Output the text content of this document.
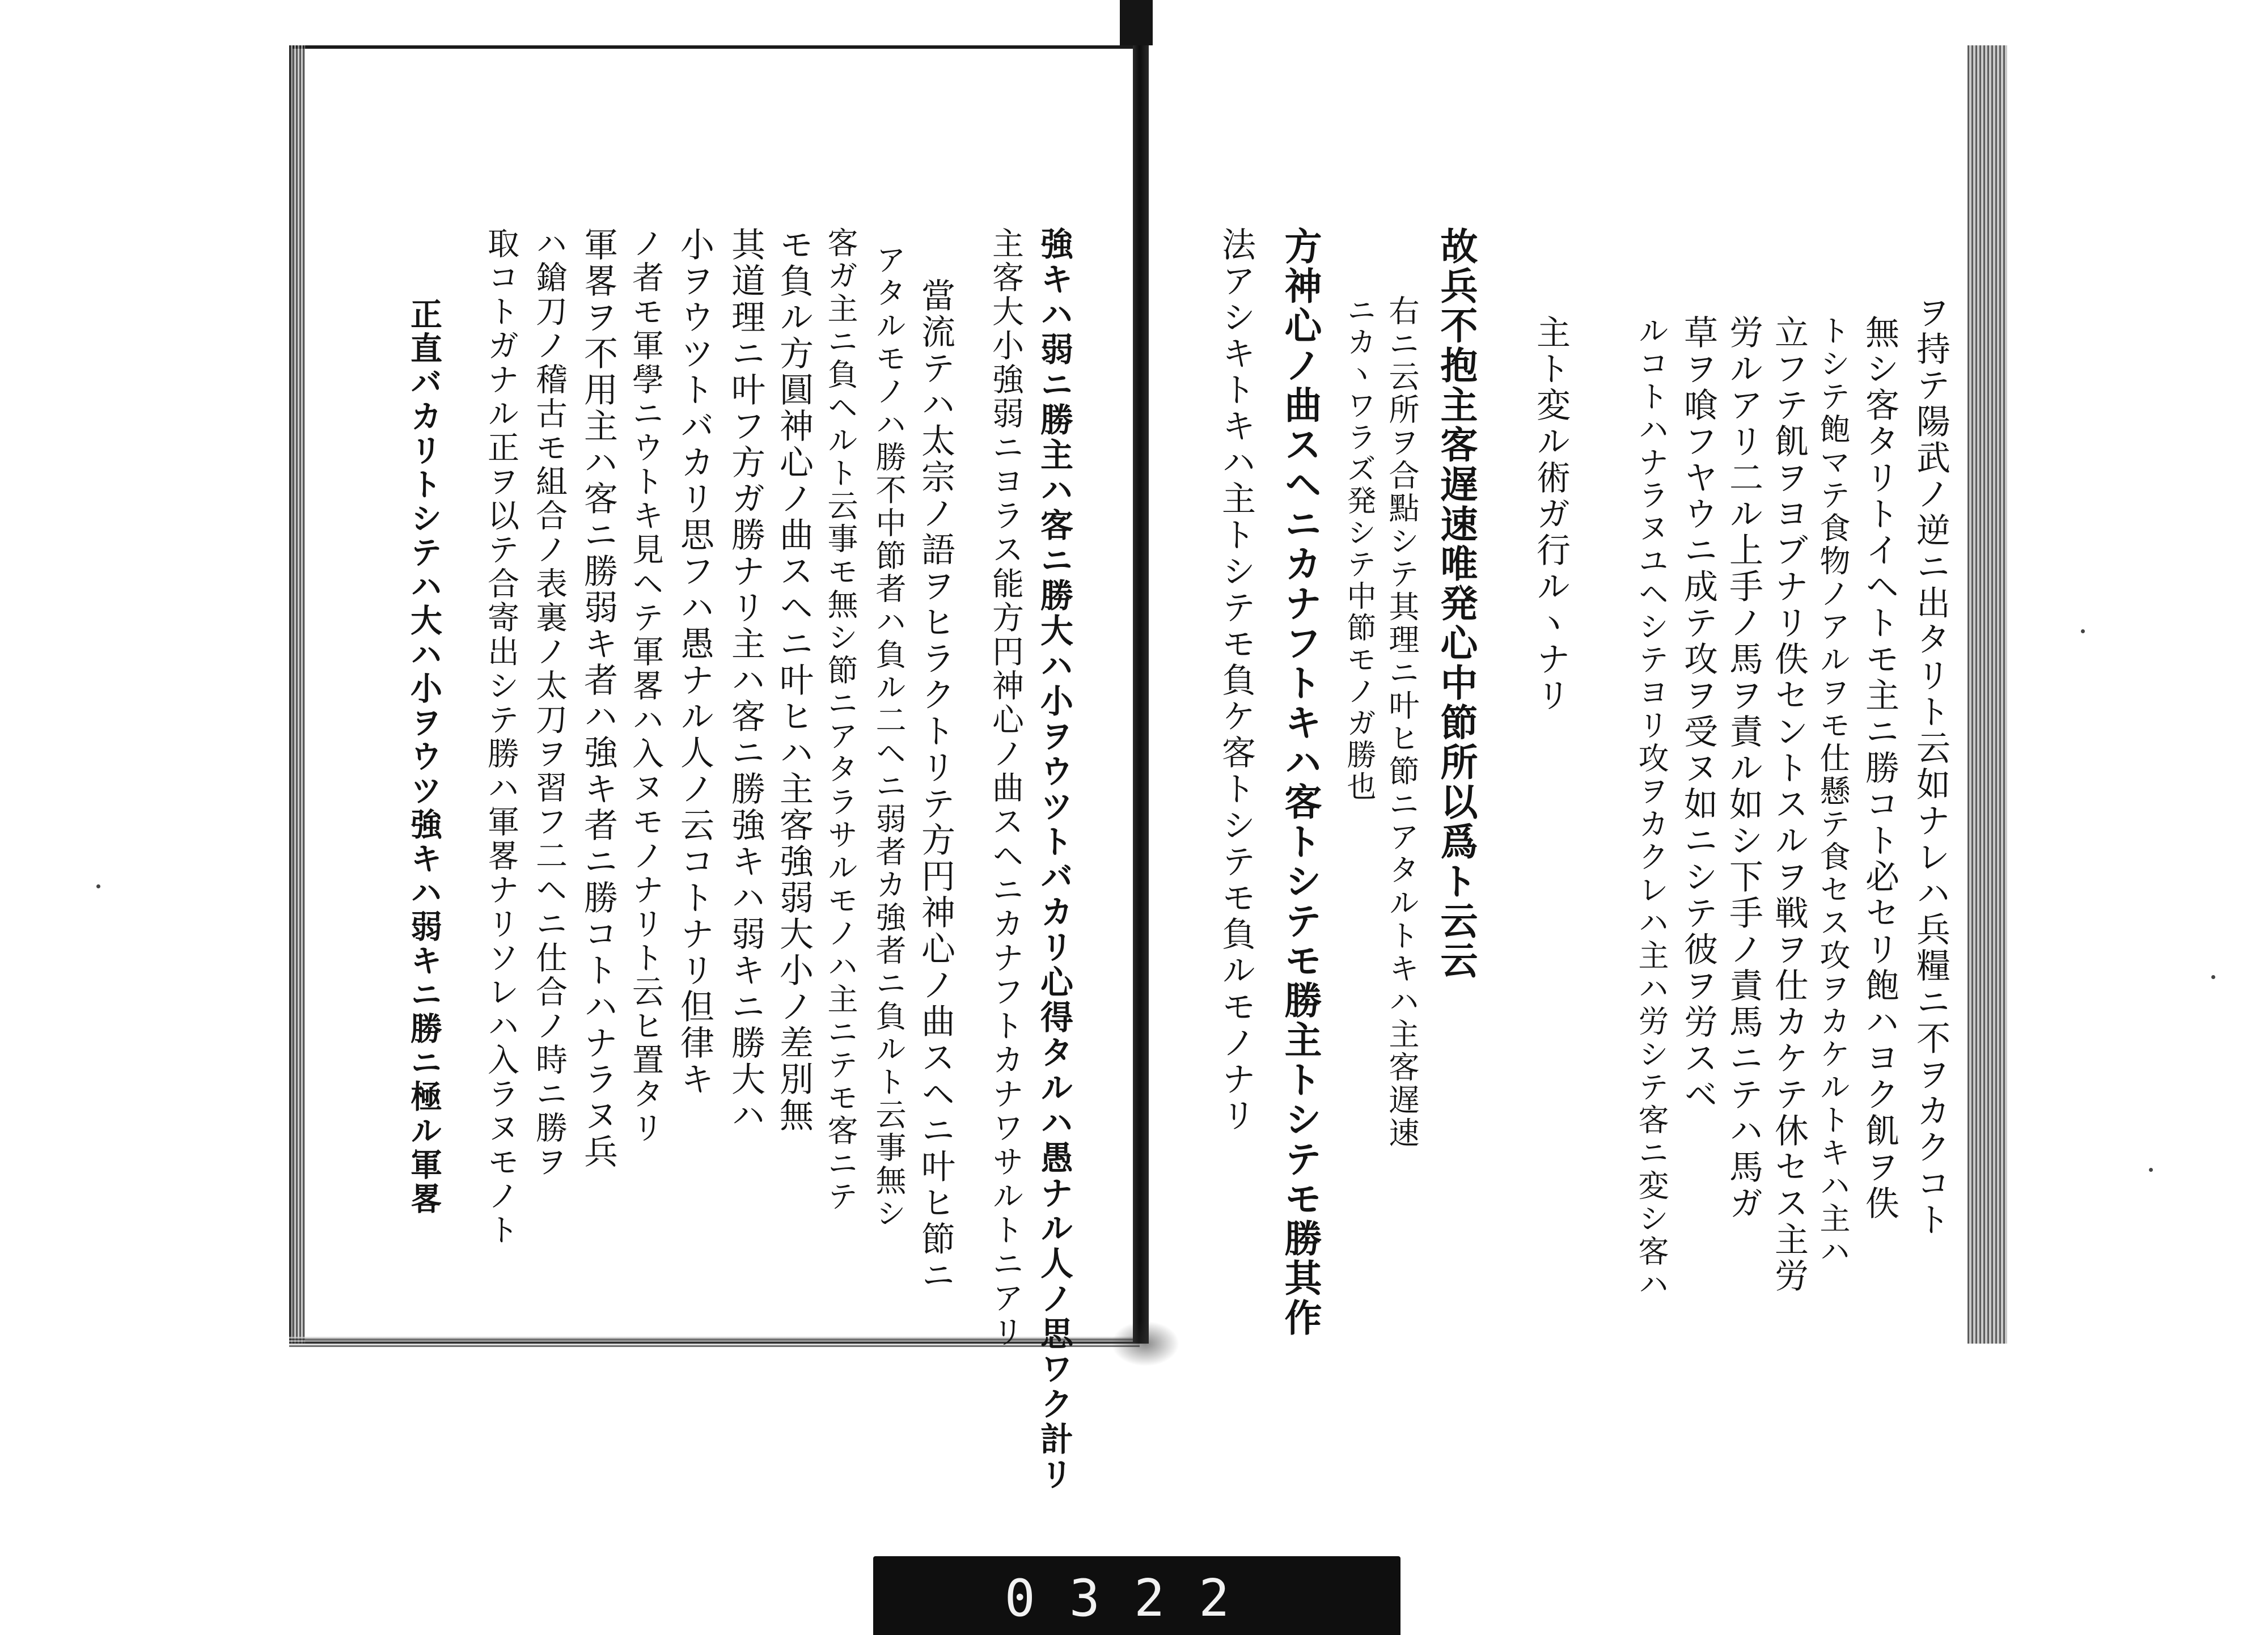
ヲ持テ陽武ノ逆ニ出タリト云如ナレハ兵糧ニ不ヲカクコト
無シ客タリトイヘトモ主ニ勝コト必セリ飽ハヨク飢ヲ佚
トシテ飽マテ食物ノアルヲモ仕懸テ食セス攻ヲカケルトキハ主ハ
立フテ飢ヲヨブナリ佚セントスルヲ戦ヲ仕カケテ休セス主労
労ルアリ二ル上手ノ馬ヲ責ル如シ下手ノ責馬ニテハ馬ガ
草ヲ喰フヤウニ成テ攻ヲ受ヌ如ニシテ彼ヲ労スベ
ルコトハナラヌユヘシテヨリ攻ヲカクレハ主ハ労シテ客ニ変シ客ハ
主ト変ル術ガ行ルヽナリ
故兵不抱主客遅速唯発心中節所以爲ト云云
右ニ云所ヲ合點シテ其理ニ叶ヒ節ニアタルトキハ主客遅速
ニカヽワラズ発シテ中節モノガ勝也
方神心ノ曲スヘニカナフトキハ客トシテモ勝主トシテモ勝其作
法アシキトキハ主トシテモ負ケ客トシテモ負ルモノナリ
強キハ弱ニ勝主ハ客ニ勝大ハ小ヲウツトバカリ心得タルハ愚ナル人ノ思ワク計リ
主客大小強弱ニヨラス能方円神心ノ曲スヘニカナフトカナワサルトニアリ
當流テハ太宗ノ語ヲヒラクトリテ方円神心ノ曲スヘニ叶ヒ節ニ
アタルモノハ勝不中節者ハ負ル二ヘニ弱者カ強者ニ負ルト云事無シ
客ガ主ニ負ヘルト云事モ無シ節ニアタラサルモノハ主ニテモ客ニテ
モ負ル方圓神心ノ曲スヘニ叶ヒハ主客強弱大小ノ差別無
其道理ニ叶フ方ガ勝ナリ主ハ客ニ勝強キハ弱キニ勝大ハ
小ヲウツトバカリ思フハ愚ナル人ノ云コトナリ但律キ
ノ者モ軍學ニウトキ見ヘテ軍畧ハ入ヌモノナリト云ヒ置タリ
軍畧ヲ不用主ハ客ニ勝弱キ者ハ強キ者ニ勝コトハナラヌ兵
ハ鎗刀ノ稽古モ組合ノ表裏ノ太刀ヲ習フ二ヘニ仕合ノ時ニ勝ヲ
取コトガナル正ヲ以テ合寄出シテ勝ハ軍畧ナリソレハ入ラヌモノト
正直バカリトシテハ大ハ小ヲウツ強キハ弱キニ勝ニ極ル軍畧
0322
